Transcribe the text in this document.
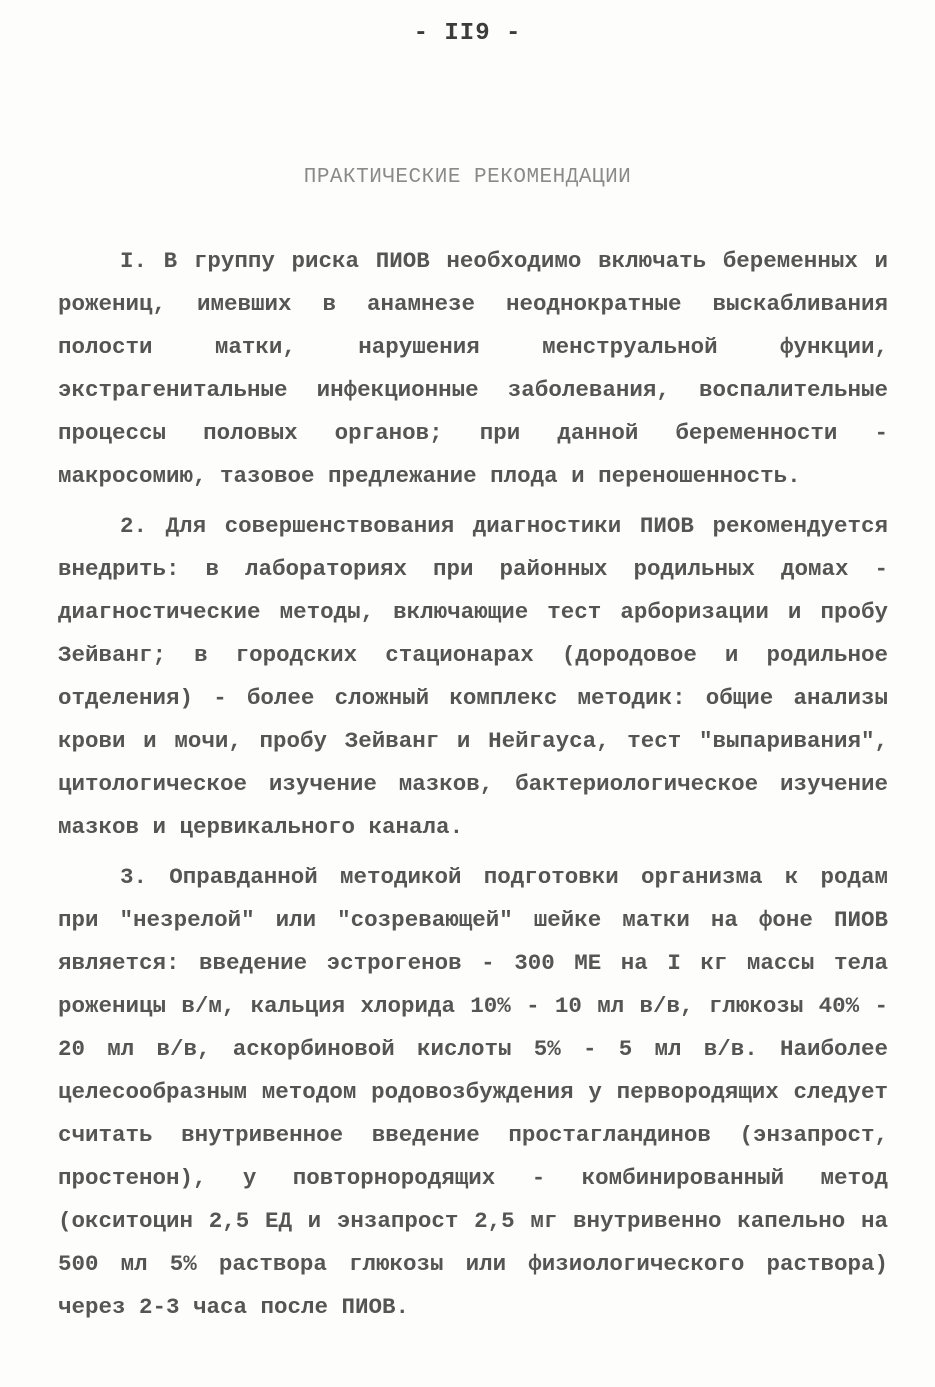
- II9 -
ПРАКТИЧЕСКИЕ РЕКОМЕНДАЦИИ

I. В группу риска ПИОВ необходимо включать беременных и рожениц, имевших в анамнезе неоднократные выскабливания полости матки, нарушения менструальной функции, экстрагенитальные инфекционные заболевания, воспалительные процессы половых органов; при данной беременности - макросомию, тазовое предлежание плода и переношенность.

2. Для совершенствования диагностики ПИОВ рекомендуется внедрить: в лабораториях при районных родильных домах - диагностические методы, включающие тест арборизации и пробу Зейванг; в городских стационарах (дородовое и родильное отделения) - более сложный комплекс методик: общие анализы крови и мочи, пробу Зейванг и Нейгауса, тест "выпаривания", цитологическое изучение мазков, бактериологическое изучение мазков и цервикального канала.

3. Оправданной методикой подготовки организма к родам при "незрелой" или "созревающей" шейке матки на фоне ПИОВ является: введение эстрогенов - 300 МЕ на I кг массы тела роженицы в/м, кальция хлорида 10% - 10 мл в/в, глюкозы 40% - 20 мл в/в, аскорбиновой кислоты 5% - 5 мл в/в. Наиболее целесообразным методом родовозбуждения у первородящих следует считать внутривенное введение простагландинов (энзапрост, простенон), у повторнородящих - комбинированный метод (окситоцин 2,5 ЕД и энзапрост 2,5 мг внутривенно капельно на 500 мл 5% раствора глюкозы или физиологического раствора) через 2-3 часа после ПИОВ.
